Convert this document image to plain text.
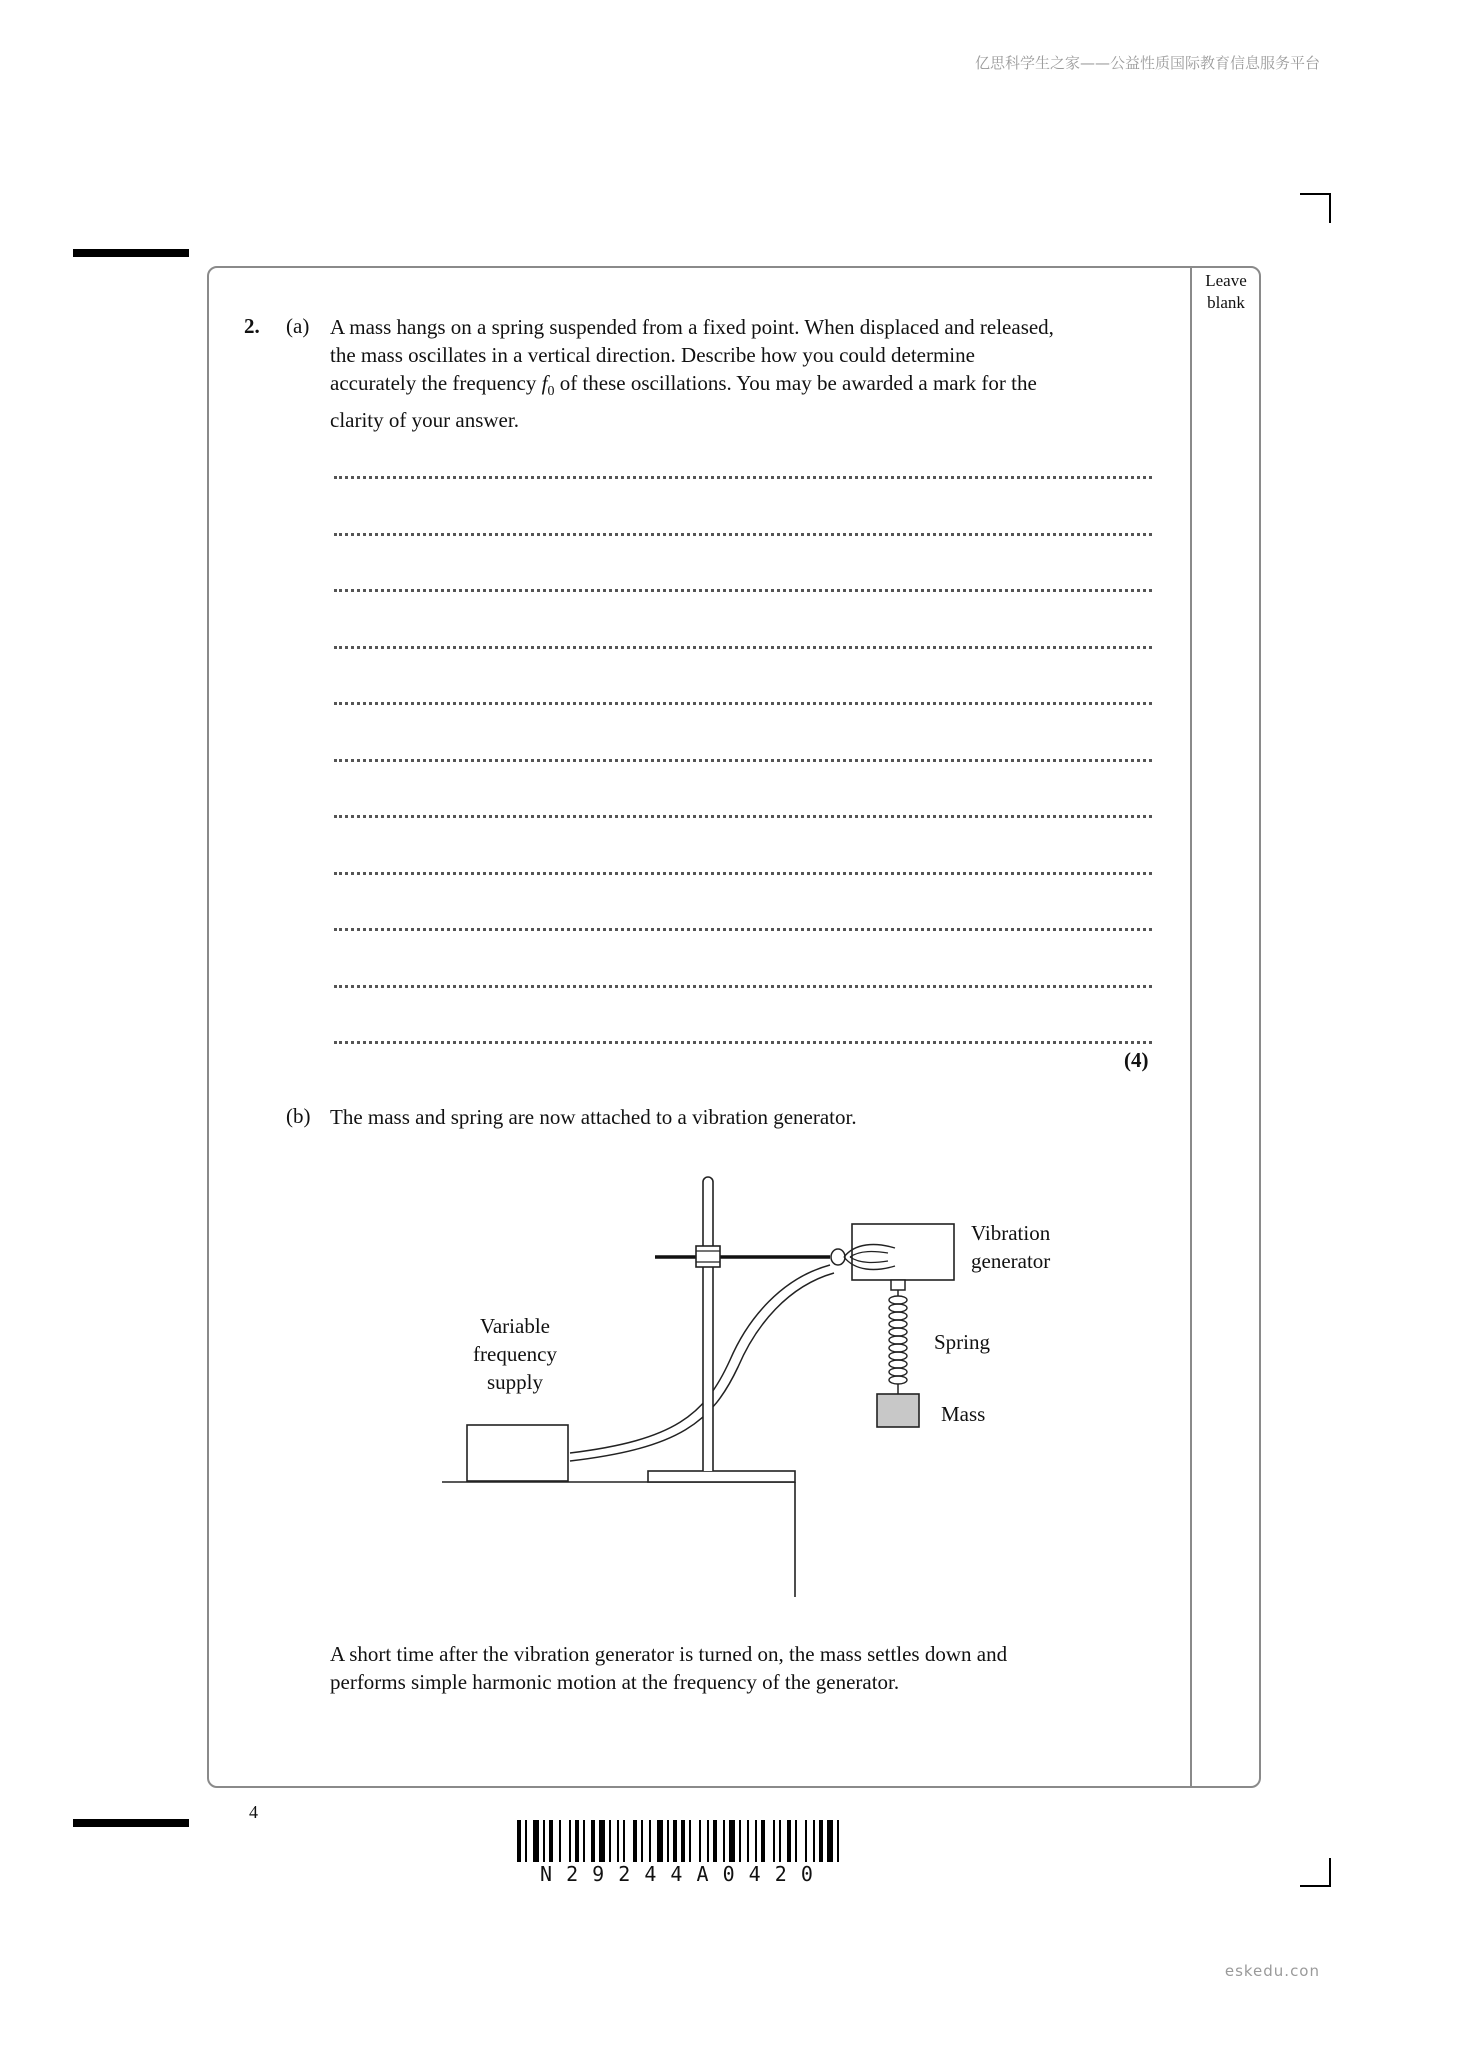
亿思科学生之家——公益性质国际教育信息服务平台
eskedu.con
Leave
blank
2. (a) A mass hangs on a spring suspended from a fixed point. When displaced and released,
the mass oscillates in a vertical direction. Describe how you could determine
accurately the frequency $f_0$ of these oscillations. You may be awarded a mark for the
clarity of your answer.
(4)
(b) The mass and spring are now attached to a vibration generator.
Vibration
generator
Spring
Mass
Variable
frequency
supply
A short time after the vibration generator is turned on, the mass settles down and
performs simple harmonic motion at the frequency of the generator.
4
N 2 9 2 4 4 A 0 4 2 0
